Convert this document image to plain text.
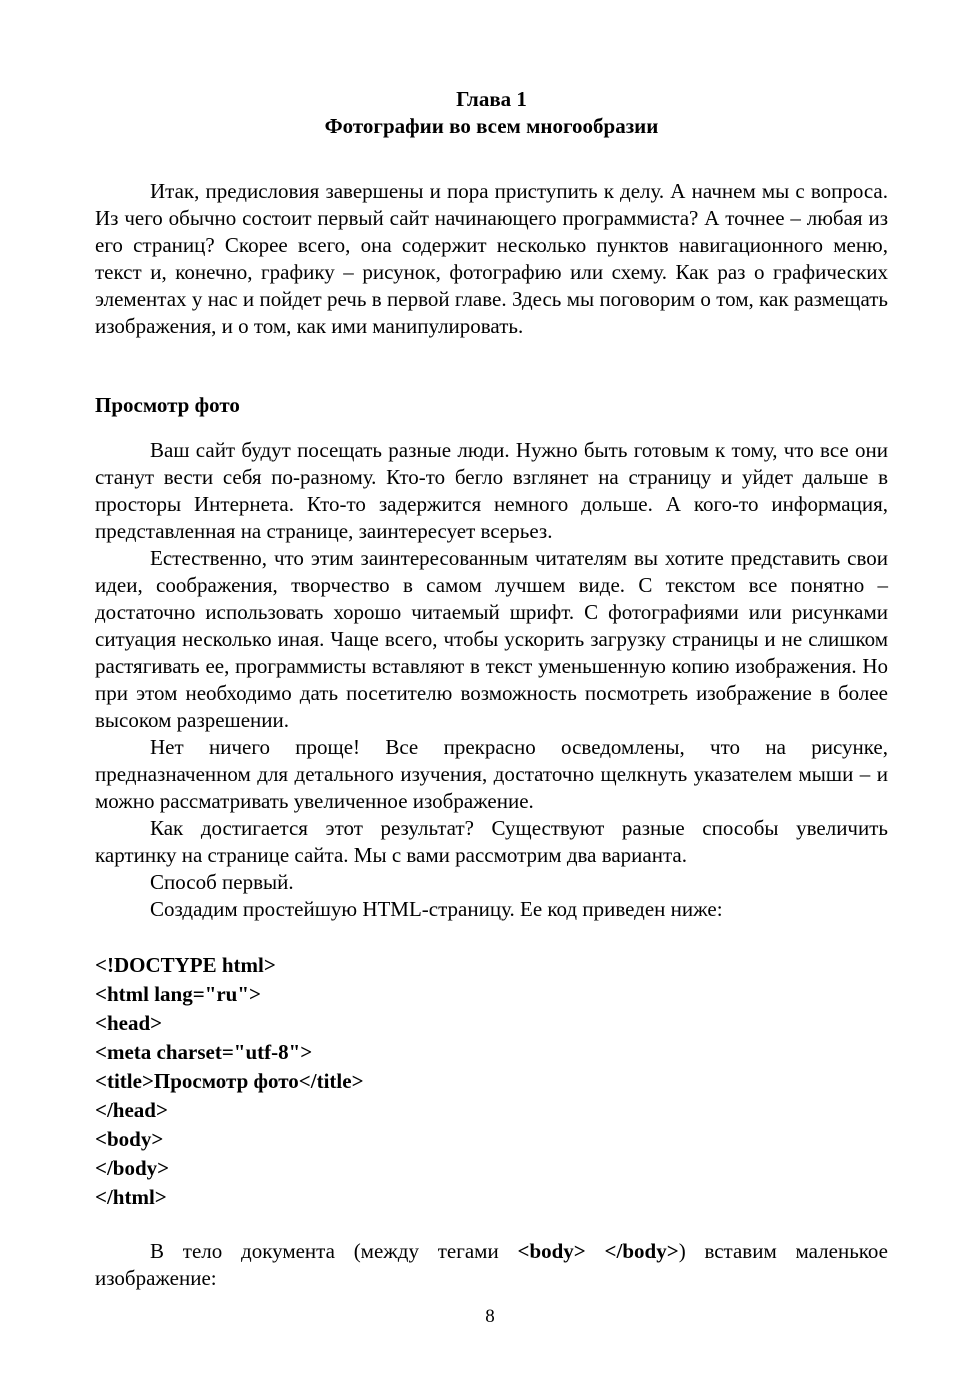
Глава 1
Фотографии во всем многообразии

Итак, предисловия завершены и пора приступить к делу. А начнем мы с вопроса. Из чего обычно состоит первый сайт начинающего программиста? А точнее – любая из его страниц? Скорее всего, она содержит несколько пунктов навигационного меню, текст и, конечно, графику – рисунок, фотографию или схему. Как раз о графических элементах у нас и пойдет речь в первой главе. Здесь мы поговорим о том, как размещать изображения, и о том, как ими манипулировать.

Просмотр фото

Ваш сайт будут посещать разные люди. Нужно быть готовым к тому, что все они станут вести себя по-разному. Кто-то бегло взглянет на страницу и уйдет дальше в просторы Интернета. Кто-то задержится немного дольше. А кого-то информация, представленная на странице, заинтересует всерьез.

Естественно, что этим заинтересованным читателям вы хотите представить свои идеи, соображения, творчество в самом лучшем виде. С текстом все понятно – достаточно использовать хорошо читаемый шрифт. С фотографиями или рисунками ситуация несколько иная. Чаще всего, чтобы ускорить загрузку страницы и не слишком растягивать ее, программисты вставляют в текст уменьшенную копию изображения. Но при этом необходимо дать посетителю возможность посмотреть изображение в более высоком разрешении.

Нет ничего проще! Все прекрасно осведомлены, что на рисунке, предназначенном для детального изучения, достаточно щелкнуть указателем мыши – и можно рассматривать увеличенное изображение.

Как достигается этот результат? Существуют разные способы увеличить картинку на странице сайта. Мы с вами рассмотрим два варианта.

Способ первый.

Создадим простейшую HTML-страницу. Ее код приведен ниже:

<!DOCTYPE html>
<html lang="ru">
<head>
<meta charset="utf-8">
<title>Просмотр фото</title>
</head>
<body>
</body>
</html>

В тело документа (между тегами <body> </body>) вставим маленькое изображение:

8
